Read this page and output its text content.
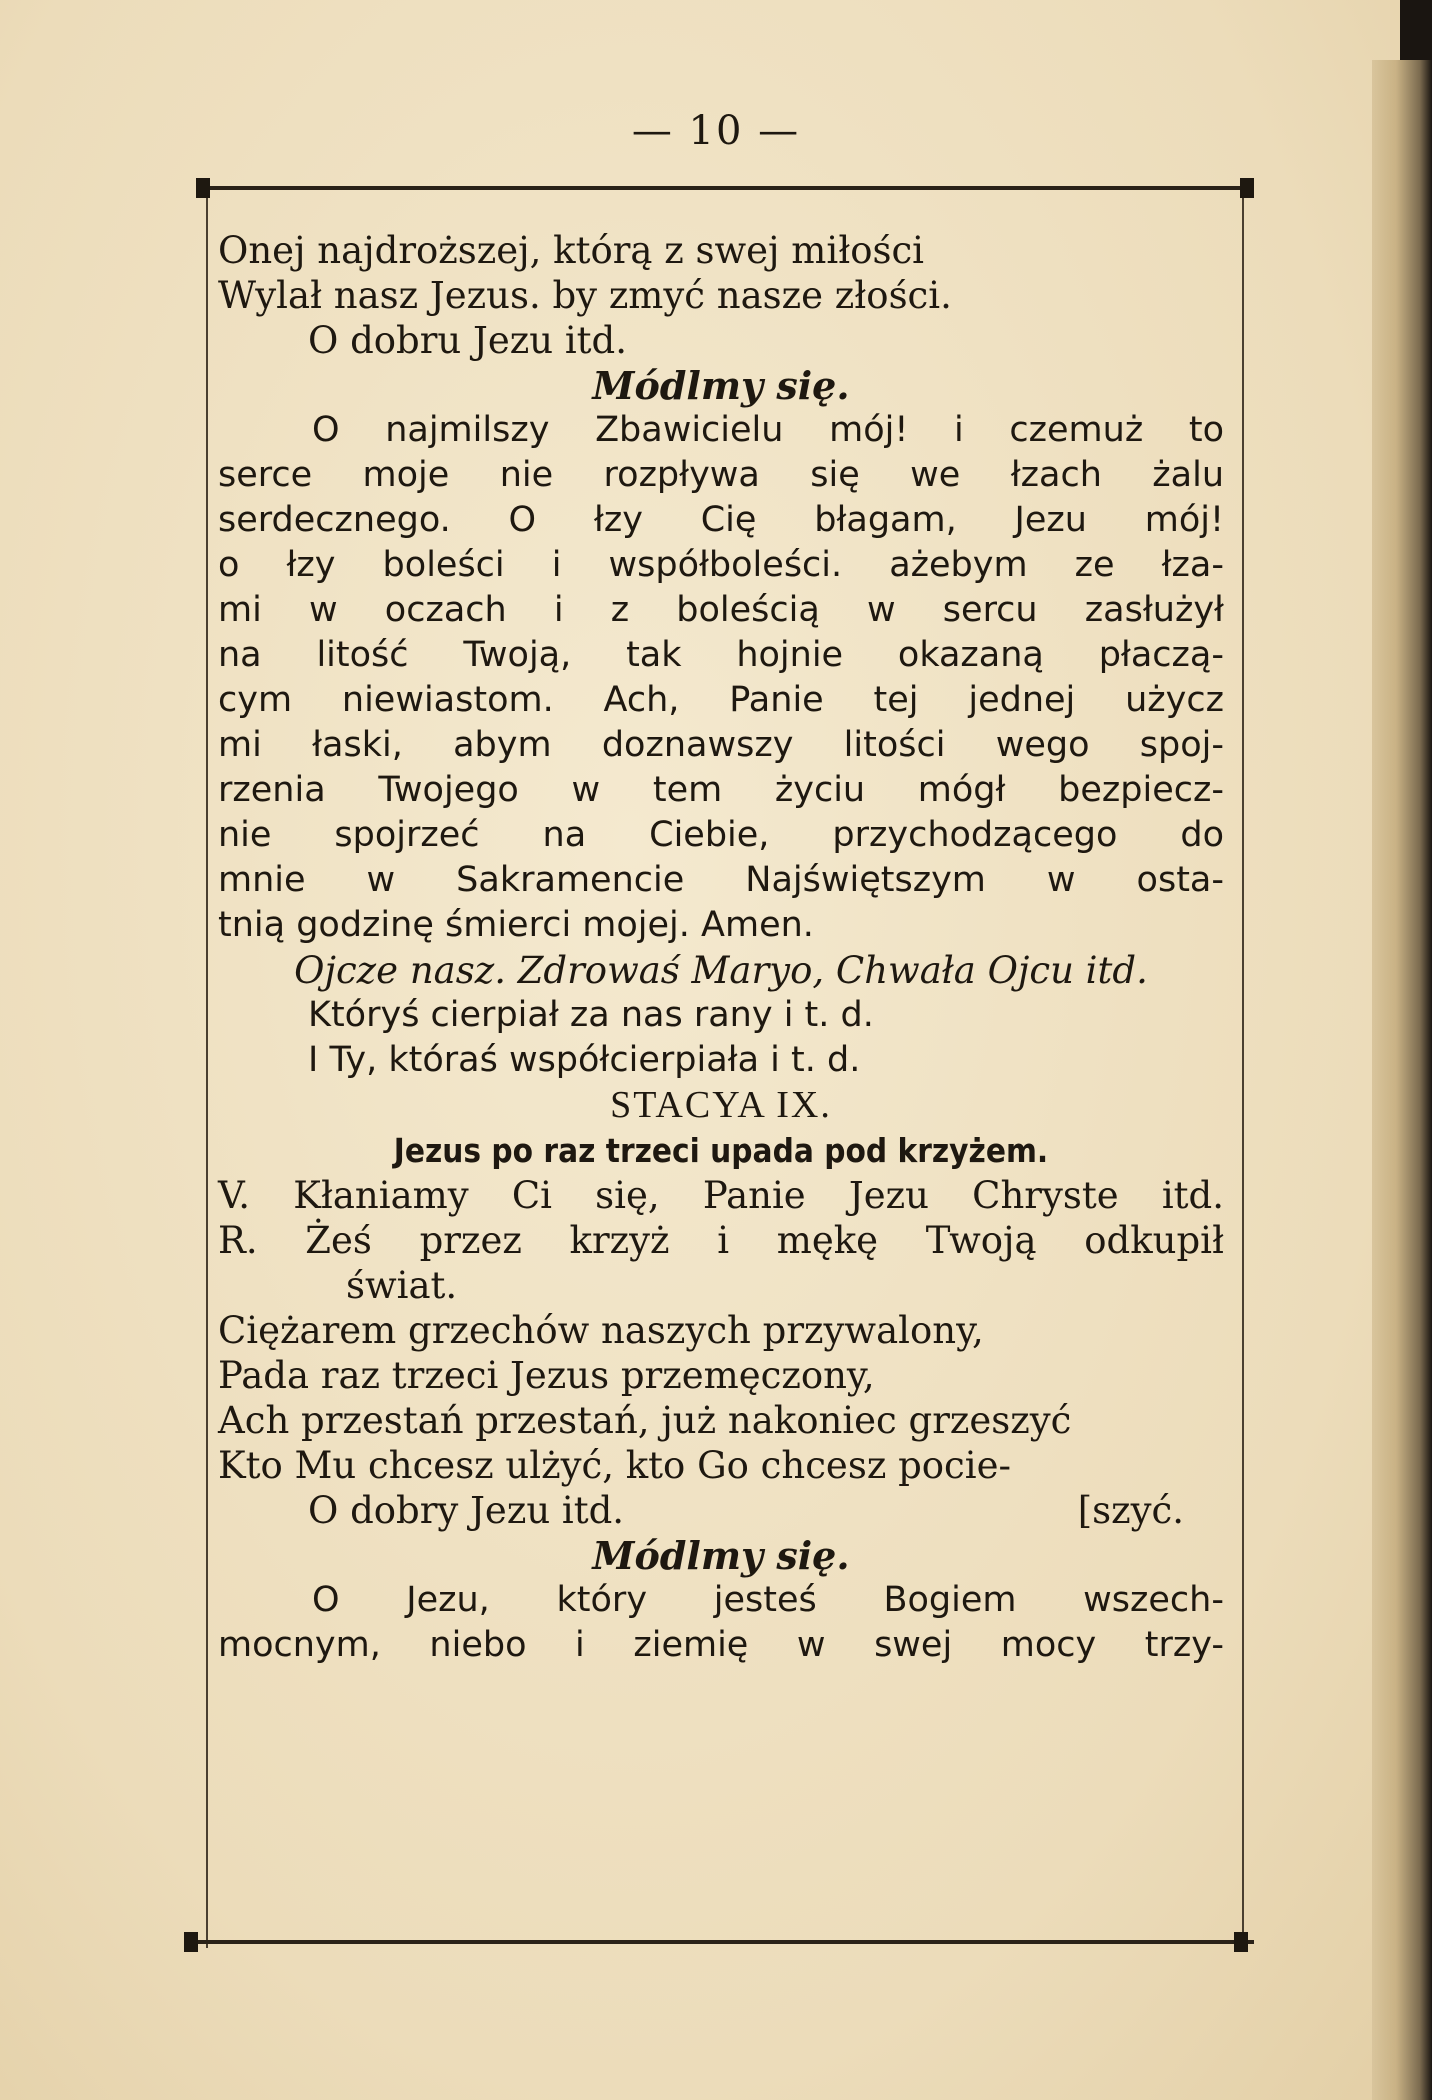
— 10 —

Onej najdroższej, którą z swej miłości

Wylał nasz Jezus. by zmyć nasze złości.

O dobru Jezu itd.

Módlmy się.

O najmilszy Zbawicielu mój! i czemuż to

serce moje nie rozpływa się we łzach żalu

serdecznego. O łzy Cię błagam, Jezu mój!

o łzy boleści i współboleści. ażebym ze łza-

mi w oczach i z boleścią w sercu zasłużył

na litość Twoją, tak hojnie okazaną płaczą-

cym niewiastom. Ach, Panie tej jednej użycz

mi łaski, abym doznawszy litości wego spoj-

rzenia Twojego w tem życiu mógł bezpiecz-

nie spojrzeć na Ciebie, przychodzącego do

mnie w Sakramencie Najświętszym w osta-

tnią godzinę śmierci mojej. Amen.

Ojcze nasz. Zdrowaś Maryo, Chwała Ojcu itd.

Któryś cierpiał za nas rany i t. d.

I Ty, któraś współcierpiała i t. d.

STACYA IX.

Jezus po raz trzeci upada pod krzyżem.

V. Kłaniamy Ci się, Panie Jezu Chryste itd.

R. Żeś przez krzyż i mękę Twoją odkupił

świat.

Ciężarem grzechów naszych przywalony,

Pada raz trzeci Jezus przemęczony,

Ach przestań przestań, już nakoniec grzeszyć

Kto Mu chcesz ulżyć, kto Go chcesz pocie-

O dobry Jezu itd.	[szyć.

Módlmy się.

O Jezu, który jesteś Bogiem wszech-

mocnym, niebo i ziemię w swej mocy trzy-
